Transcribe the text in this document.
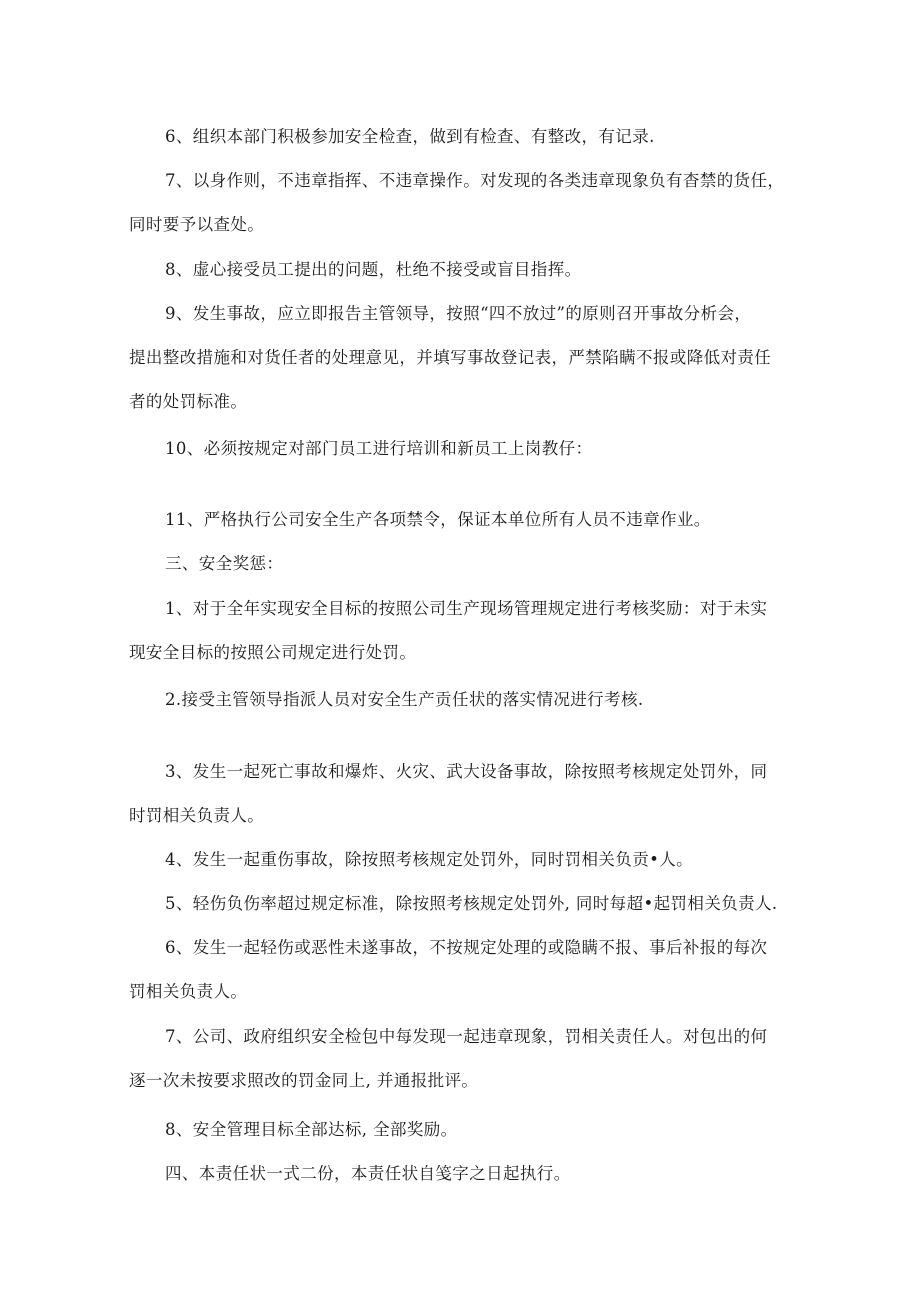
6、组织本部门积极参加安全检查，做到有检查、有整改，有记录.

7、以身作则，不违章指挥、不违章操作。对发现的各类违章现象负有杳禁的货任，
同时要予以查处。

8、虚心接受员工提出的问题，杜绝不接受或盲目指挥。

9、发生事故，应立即报告主管领导，按照“四不放过”的原则召开事故分析会，
提出整改措施和对货任者的处理意见，并填写事故登记表，严禁陷瞒不报或降低对责任
者的处罚标准。

10、必须按规定对部门员工进行培训和新员工上岗教仔：

11、严格执行公司安全生产各项禁令，保证本单位所有人员不违章作业。

三、安全奖惩：

1、对于全年实现安全目标的按照公司生产现场管理规定进行考核奖励：对于未实
现安全目标的按照公司规定进行处罚。

2.接受主管领导指派人员对安全生产贡任状的落实情况进行考核.

3、发生一起死亡事故和爆炸、火灾、武大设备事故，除按照考核规定处罚外，同
时罚相关负责人。

4、发生一起重伤事故，除按照考核规定处罚外，同时罚相关负贡•人。

5、轻伤负伤率超过规定标准，除按照考核规定处罚外, 同时每超•起罚相关负责人.

6、发生一起轻伤或恶性未遂事故，不按规定处理的或隐瞒不报、事后补报的每次
罚相关负责人。

7、公司、政府组织安全检包中每发现一起违章现象，罚相关责任人。对包出的何
逐一次未按要求照改的罚金同上, 并通报批评。

8、安全管理目标全部达标, 全部奖励。

四、本责任状一式二份，本责任状自笺字之日起执行。
